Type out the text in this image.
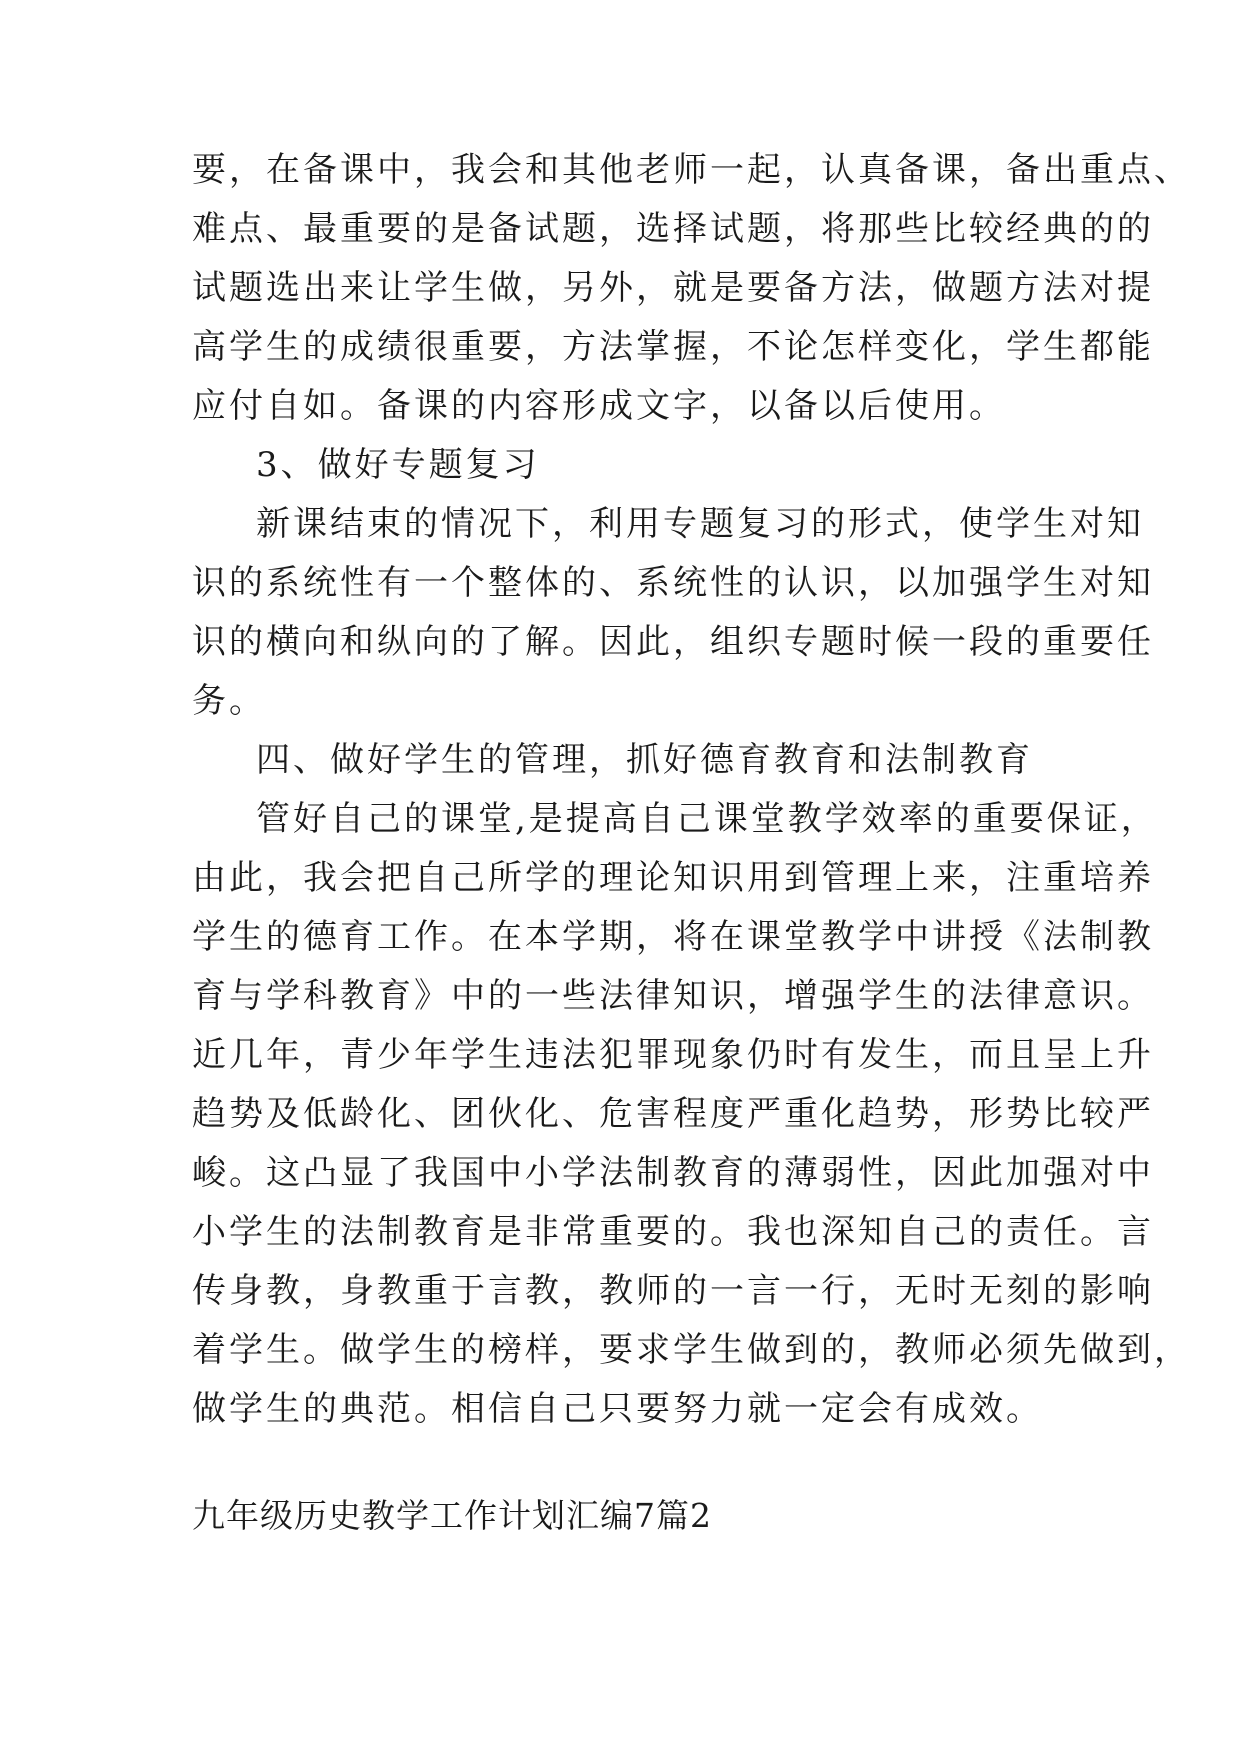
要，在备课中，我会和其他老师一起，认真备课，备出重点、
难点、最重要的是备试题，选择试题，将那些比较经典的的
试题选出来让学生做，另外，就是要备方法，做题方法对提
高学生的成绩很重要，方法掌握，不论怎样变化，学生都能
应付自如。备课的内容形成文字，以备以后使用。
3、做好专题复习
新课结束的情况下，利用专题复习的形式，使学生对知
识的系统性有一个整体的、系统性的认识，以加强学生对知
识的横向和纵向的了解。因此，组织专题时候一段的重要任
务。
四、做好学生的管理，抓好德育教育和法制教育
管好自己的课堂,是提高自己课堂教学效率的重要保证，
由此，我会把自己所学的理论知识用到管理上来，注重培养
学生的德育工作。在本学期，将在课堂教学中讲授《法制教
育与学科教育》中的一些法律知识，增强学生的法律意识。
近几年，青少年学生违法犯罪现象仍时有发生，而且呈上升
趋势及低龄化、团伙化、危害程度严重化趋势，形势比较严
峻。这凸显了我国中小学法制教育的薄弱性，因此加强对中
小学生的法制教育是非常重要的。我也深知自己的责任。言
传身教，身教重于言教，教师的一言一行，无时无刻的影响
着学生。做学生的榜样，要求学生做到的，教师必须先做到，
做学生的典范。相信自己只要努力就一定会有成效。
九年级历史教学工作计划汇编7篇2
